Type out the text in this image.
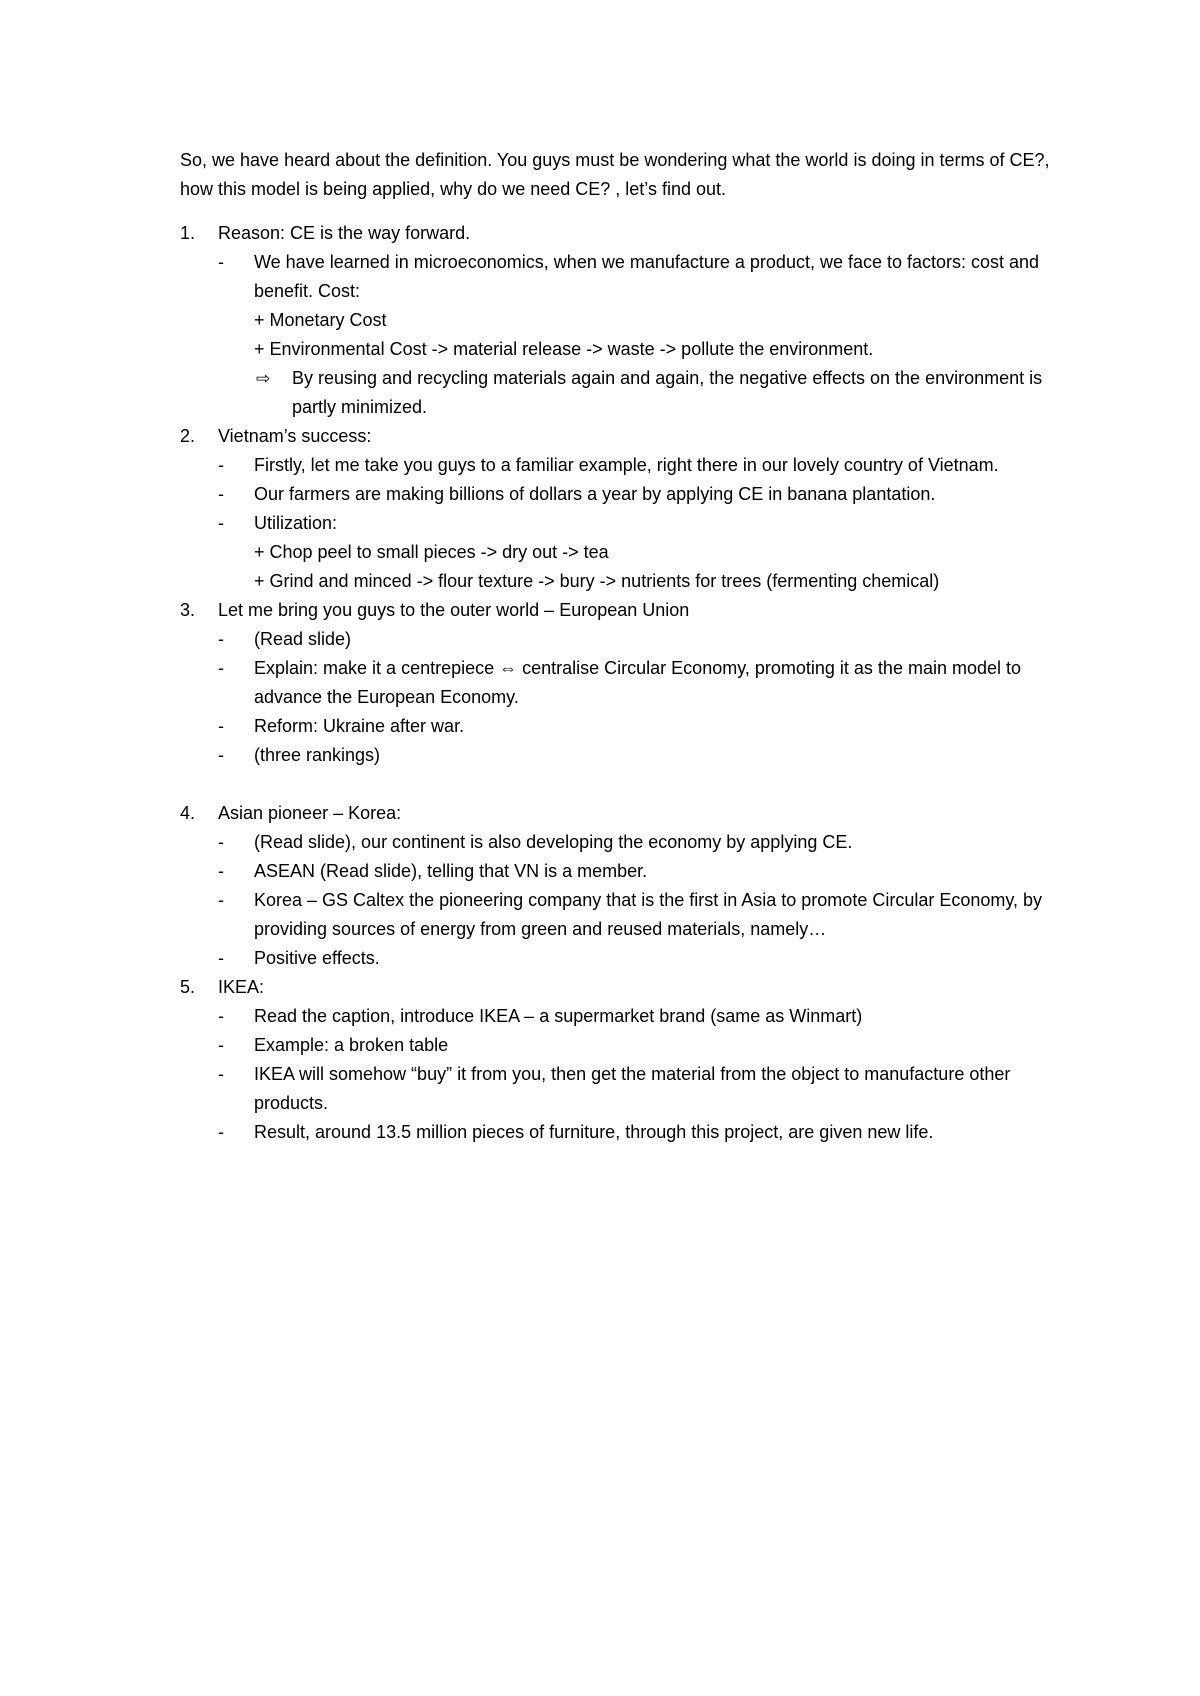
So, we have heard about the definition. You guys must be wondering what the world is doing in terms of CE?, how this model is being applied, why do we need CE? , let’s find out.

1. Reason: CE is the way forward.
- We have learned in microeconomics, when we manufacture a product, we face to factors: cost and benefit. Cost:
+ Monetary Cost
+ Environmental Cost -> material release -> waste -> pollute the environment.
⇨ By reusing and recycling materials again and again, the negative effects on the environment is partly minimized.
2. Vietnam’s success:
- Firstly, let me take you guys to a familiar example, right there in our lovely country of Vietnam.
- Our farmers are making billions of dollars a year by applying CE in banana plantation.
- Utilization:
+ Chop peel to small pieces -> dry out -> tea
+ Grind and minced -> flour texture -> bury -> nutrients for trees (fermenting chemical)
3. Let me bring you guys to the outer world – European Union
- (Read slide)
- Explain: make it a centrepiece ⇔ centralise Circular Economy, promoting it as the main model to advance the European Economy.
- Reform: Ukraine after war.
- (three rankings)
4. Asian pioneer – Korea:
- (Read slide), our continent is also developing the economy by applying CE.
- ASEAN (Read slide), telling that VN is a member.
- Korea – GS Caltex the pioneering company that is the first in Asia to promote Circular Economy, by providing sources of energy from green and reused materials, namely…
- Positive effects.
5. IKEA:
- Read the caption, introduce IKEA – a supermarket brand (same as Winmart)
- Example: a broken table
- IKEA will somehow “buy” it from you, then get the material from the object to manufacture other products.
- Result, around 13.5 million pieces of furniture, through this project, are given new life.
